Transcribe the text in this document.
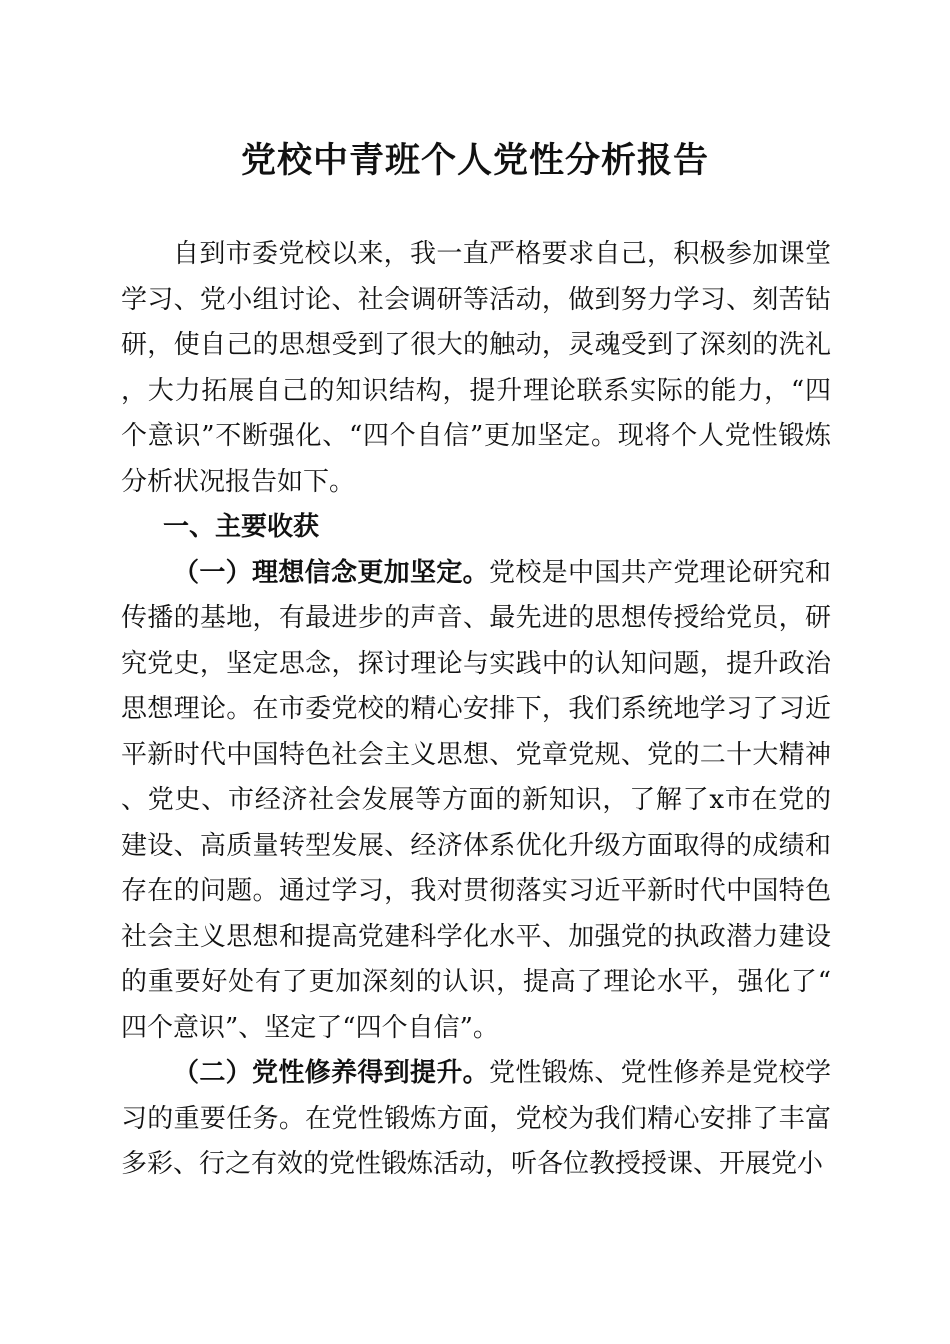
党校中青班个人党性分析报告

自到市委党校以来，我一直严格要求自己，积极参加课堂学习、党小组讨论、社会调研等活动，做到努力学习、刻苦钻研，使自己的思想受到了很大的触动，灵魂受到了深刻的洗礼，大力拓展自己的知识结构，提升理论联系实际的能力，“四个意识”不断强化、“四个自信”更加坚定。现将个人党性锻炼分析状况报告如下。

一、主要收获

（一）理想信念更加坚定。党校是中国共产党理论研究和传播的基地，有最进步的声音、最先进的思想传授给党员，研究党史，坚定思念，探讨理论与实践中的认知问题，提升政治思想理论。在市委党校的精心安排下，我们系统地学习了习近平新时代中国特色社会主义思想、党章党规、党的二十大精神、党史、市经济社会发展等方面的新知识，了解了x市在党的建设、高质量转型发展、经济体系优化升级方面取得的成绩和存在的问题。通过学习，我对贯彻落实习近平新时代中国特色社会主义思想和提高党建科学化水平、加强党的执政潜力建设的重要好处有了更加深刻的认识，提高了理论水平，强化了“四个意识”、坚定了“四个自信”。

（二）党性修养得到提升。党性锻炼、党性修养是党校学习的重要任务。在党性锻炼方面，党校为我们精心安排了丰富多彩、行之有效的党性锻炼活动，听各位教授授课、开展党小
